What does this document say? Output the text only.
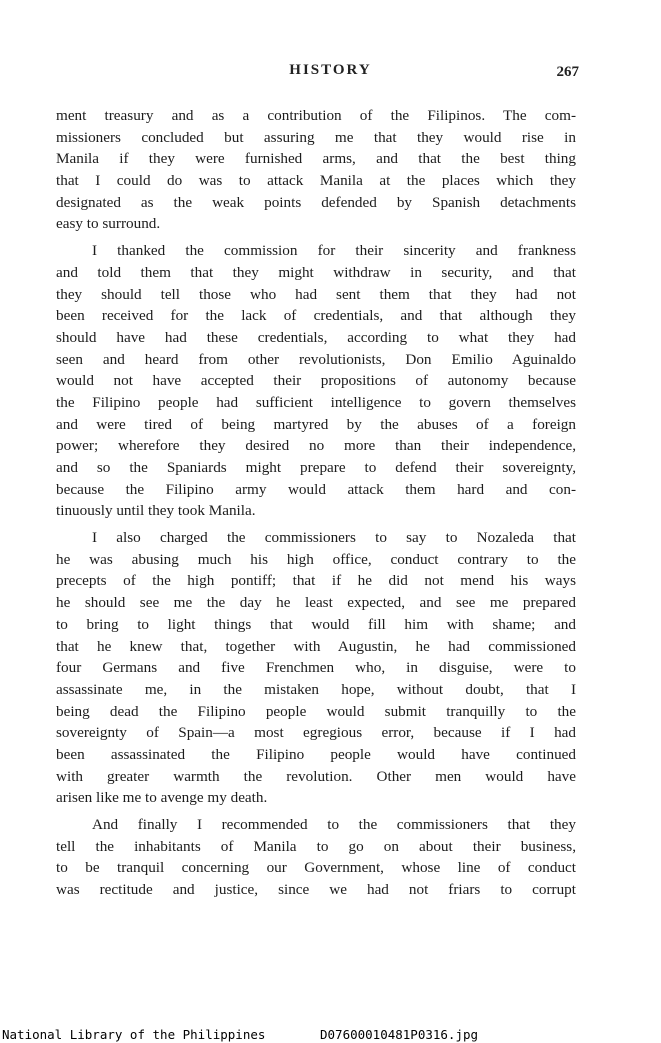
HISTORY	267
ment treasury and as a contribution of the Filipinos. The com-
missioners concluded but assuring me that they would rise in
Manila if they were furnished arms, and that the best thing
that I could do was to attack Manila at the places which they
designated as the weak points defended by Spanish detachments
easy to surround.
I thanked the commission for their sincerity and frankness
and told them that they might withdraw in security, and that
they should tell those who had sent them that they had not
been received for the lack of credentials, and that although they
should have had these credentials, according to what they had
seen and heard from other revolutionists, Don Emilio Aguinaldo
would not have accepted their propositions of autonomy because
the Filipino people had sufficient intelligence to govern themselves
and were tired of being martyred by the abuses of a foreign
power; wherefore they desired no more than their independence,
and so the Spaniards might prepare to defend their sovereignty,
because the Filipino army would attack them hard and con-
tinuously until they took Manila.
I also charged the commissioners to say to Nozaleda that
he was abusing much his high office, conduct contrary to the
precepts of the high pontiff; that if he did not mend his ways
he should see me the day he least expected, and see me prepared
to bring to light things that would fill him with shame; and
that he knew that, together with Augustin, he had commissioned
four Germans and five Frenchmen who, in disguise, were to
assassinate me, in the mistaken hope, without doubt, that I
being dead the Filipino people would submit tranquilly to the
sovereignty of Spain—a most egregious error, because if I had
been assassinated the Filipino people would have continued
with greater warmth the revolution. Other men would have
arisen like me to avenge my death.
And finally I recommended to the commissioners that they
tell the inhabitants of Manila to go on about their business,
to be tranquil concerning our Government, whose line of conduct
was rectitude and justice, since we had not friars to corrupt
National Library of the Philippines	D07600010481P0316.jpg
